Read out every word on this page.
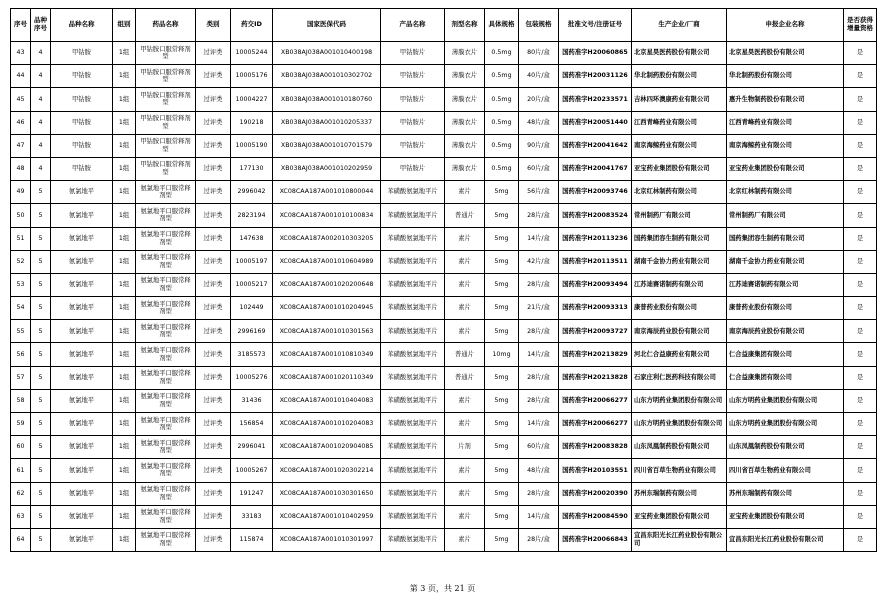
序号	品种序号	品种名称	组别	药品名称	类别	药交ID	国家医保代码	产品名称	剂型名称	具体规格	包装规格	批准文号/注册证号	生产企业/厂商	申报企业名称	是否获得增量资格
43	4	甲钴胺	1组	甲钴胺口服常释剂型	过评类	10005244	XB038AJ038A001010400198	甲钴胺片	薄膜衣片	0.5mg	80片/盒	国药准字H20060865	北京星昊医药股份有限公司	北京星昊医药股份有限公司	是
44	4	甲钴胺	1组	甲钴胺口服常释剂型	过评类	10005176	XB038AJ038A001010302702	甲钴胺片	薄膜衣片	0.5mg	40片/盒	国药准字H20031126	华北制药股份有限公司	华北制药股份有限公司	是
45	4	甲钴胺	1组	甲钴胺口服常释剂型	过评类	10004227	XB038AJ038A001010180760	甲钴胺片	薄膜衣片	0.5mg	20片/盒	国药准字H20233571	吉林四环澳康药业有限公司	惠升生物制药股份有限公司	是
46	4	甲钴胺	1组	甲钴胺口服常释剂型	过评类	190218	XB038AJ038A001010205337	甲钴胺片	薄膜衣片	0.5mg	48片/盒	国药准字H20051440	江西青峰药业有限公司	江西青峰药业有限公司	是
47	4	甲钴胺	1组	甲钴胺口服常释剂型	过评类	10005190	XB038AJ038A001010701579	甲钴胺片	薄膜衣片	0.5mg	90片/盒	国药准字H20041642	南京海鲸药业有限公司	南京海鲸药业有限公司	是
48	4	甲钴胺	1组	甲钴胺口服常释剂型	过评类	177130	XB038AJ038A001010202959	甲钴胺片	薄膜衣片	0.5mg	60片/盒	国药准字H20041767	亚宝药业集团股份有限公司	亚宝药业集团股份有限公司	是
49	5	氨氯地平	1组	氨氯地平口服常释剂型	过评类	2996042	XC08CAA187A001010800044	苯磺酸氨氯地平片	素片	5mg	56片/盒	国药准字H20093746	北京红林制药有限公司	北京红林制药有限公司	是
50	5	氨氯地平	1组	氨氯地平口服常释剂型	过评类	2823194	XC08CAA187A001010100834	苯磺酸氨氯地平片	普通片	5mg	28片/盒	国药准字H20083524	常州制药厂有限公司	常州制药厂有限公司	是
51	5	氨氯地平	1组	氨氯地平口服常释剂型	过评类	147638	XC08CAA187A002010303205	苯磺酸氨氯地平片	素片	5mg	14片/盒	国药准字H20113236	国药集团容生制药有限公司	国药集团容生制药有限公司	是
52	5	氨氯地平	1组	氨氯地平口服常释剂型	过评类	10005197	XC08CAA187A001010604989	苯磺酸氨氯地平片	素片	5mg	42片/盒	国药准字H20113511	湖南千金协力药业有限公司	湖南千金协力药业有限公司	是
53	5	氨氯地平	1组	氨氯地平口服常释剂型	过评类	10005217	XC08CAA187A001020200648	苯磺酸氨氯地平片	素片	5mg	28片/盒	国药准字H20093494	江苏迪赛诺制药有限公司	江苏迪赛诺制药有限公司	是
54	5	氨氯地平	1组	氨氯地平口服常释剂型	过评类	102449	XC08CAA187A001010204945	苯磺酸氨氯地平片	素片	5mg	21片/盒	国药准字H20093313	康普药业股份有限公司	康普药业股份有限公司	是
55	5	氨氯地平	1组	氨氯地平口服常释剂型	过评类	2996169	XC08CAA187A001010301563	苯磺酸氨氯地平片	素片	5mg	28片/盒	国药准字H20093727	南京海辰药业股份有限公司	南京海辰药业股份有限公司	是
56	5	氨氯地平	1组	氨氯地平口服常释剂型	过评类	3185573	XC08CAA187A001010810349	苯磺酸氨氯地平片	普通片	10mg	14片/盒	国药准字H20213829	河北仁合益康药业有限公司	仁合益康集团有限公司	是
57	5	氨氯地平	1组	氨氯地平口服常释剂型	过评类	10005276	XC08CAA187A001020110349	苯磺酸氨氯地平片	普通片	5mg	28片/盒	国药准字H20213828	石家庄利仁医药科技有限公司	仁合益康集团有限公司	是
58	5	氨氯地平	1组	氨氯地平口服常释剂型	过评类	31436	XC08CAA187A001010404083	苯磺酸氨氯地平片	素片	5mg	28片/盒	国药准字H20066277	山东方明药业集团股份有限公司	山东方明药业集团股份有限公司	是
59	5	氨氯地平	1组	氨氯地平口服常释剂型	过评类	156854	XC08CAA187A001010204083	苯磺酸氨氯地平片	素片	5mg	14片/盒	国药准字H20066277	山东方明药业集团股份有限公司	山东方明药业集团股份有限公司	是
60	5	氨氯地平	1组	氨氯地平口服常释剂型	过评类	2996041	XC08CAA187A001020904085	苯磺酸氨氯地平片	片剂	5mg	60片/盒	国药准字H20083828	山东凤凰制药股份有限公司	山东凤凰制药股份有限公司	是
61	5	氨氯地平	1组	氨氯地平口服常释剂型	过评类	10005267	XC08CAA187A001020302214	苯磺酸氨氯地平片	素片	5mg	48片/盒	国药准字H20103551	四川省百草生物药业有限公司	四川省百草生物药业有限公司	是
62	5	氨氯地平	1组	氨氯地平口服常释剂型	过评类	191247	XC08CAA187A001030301650	苯磺酸氨氯地平片	素片	5mg	28片/盒	国药准字H20020390	苏州东瑞制药有限公司	苏州东瑞制药有限公司	是
63	5	氨氯地平	1组	氨氯地平口服常释剂型	过评类	33183	XC08CAA187A001010402959	苯磺酸氨氯地平片	素片	5mg	14片/盒	国药准字H20084590	亚宝药业集团股份有限公司	亚宝药业集团股份有限公司	是
64	5	氨氯地平	1组	氨氯地平口服常释剂型	过评类	115874	XC08CAA187A001010301997	苯磺酸氨氯地平片	素片	5mg	28片/盒	国药准字H20066843	宜昌东阳光长江药业股份有限公司	宜昌东阳光长江药业股份有限公司	是
第 3 页，共 21 页
